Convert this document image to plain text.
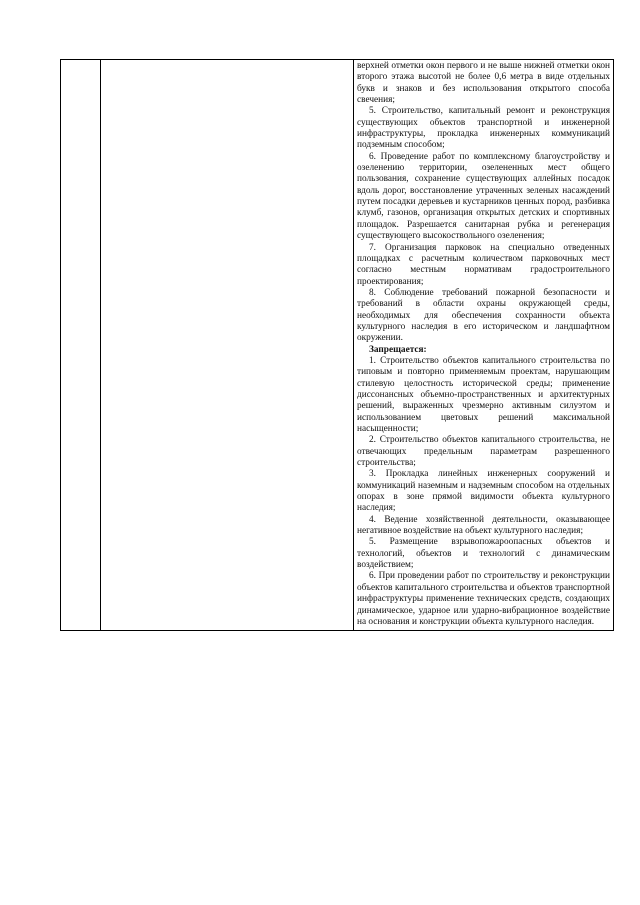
верхней отметки окон первого и не выше нижней отметки окон второго этажа высотой не более 0,6 метра в виде отдельных букв и знаков и без использования открытого способа свечения;

5. Строительство, капитальный ремонт и реконструкция существующих объектов транспортной и инженерной инфраструктуры, прокладка инженерных коммуникаций подземным способом;

6. Проведение работ по комплексному благоустройству и озеленению территории, озелененных мест общего пользования, сохранение существующих аллейных посадок вдоль дорог, восстановление утраченных зеленых насаждений путем посадки деревьев и кустарников ценных пород, разбивка клумб, газонов, организация открытых детских и спортивных площадок. Разрешается санитарная рубка и регенерация существующего высокоствольного озеленения;

7. Организация парковок на специально отведенных площадках с расчетным количеством парковочных мест согласно местным нормативам градостроительного проектирования;

8. Соблюдение требований пожарной безопасности и требований в области охраны окружающей среды, необходимых для обеспечения сохранности объекта культурного наследия в его историческом и ландшафтном окружении.

Запрещается:

1. Строительство объектов капитального строительства по типовым и повторно применяемым проектам, нарушающим стилевую целостность исторической среды; применение диссонансных объемно-пространственных и архитектурных решений, выраженных чрезмерно активным силуэтом и использованием цветовых решений максимальной насыщенности;

2. Строительство объектов капитального строительства, не отвечающих предельным параметрам разрешенного строительства;

3. Прокладка линейных инженерных сооружений и коммуникаций наземным и надземным способом на отдельных опорах в зоне прямой видимости объекта культурного наследия;

4. Ведение хозяйственной деятельности, оказывающее негативное воздействие на объект культурного наследия;

5. Размещение взрывопожароопасных объектов и технологий, объектов и технологий с динамическим воздействием;

6. При проведении работ по строительству и реконструкции объектов капитального строительства и объектов транспортной инфраструктуры применение технических средств, создающих динамическое, ударное или ударно-вибрационное воздействие на основания и конструкции объекта культурного наследия.
